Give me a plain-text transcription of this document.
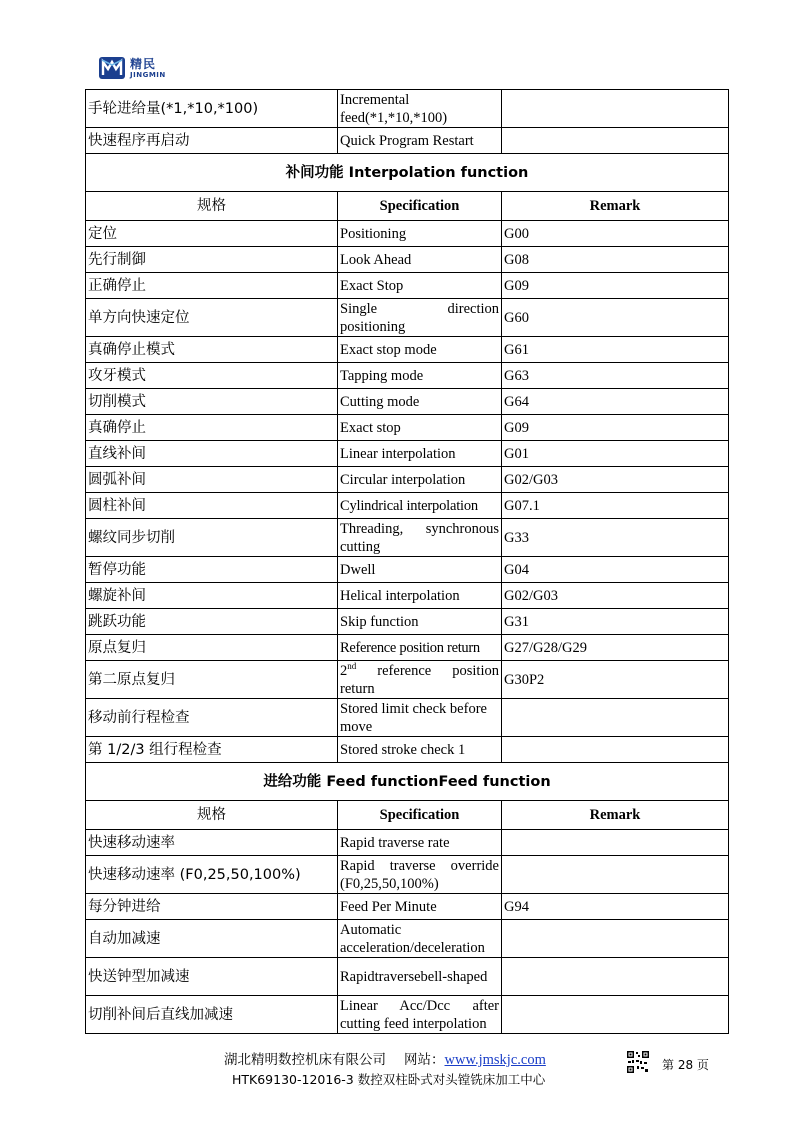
精民
JINGMIN
手轮进给量(*1,*10,*100)	Incremental feed(*1,*10,*100)	
快速程序再启动	Quick Program Restart	
补间功能 Interpolation function		
规格	Specification	Remark
定位	Positioning	G00
先行制御	Look Ahead	G08
正确停止	Exact Stop	G09
单方向快速定位	Single direction positioning	G60
真确停止模式	Exact stop mode	G61
攻牙模式	Tapping mode	G63
切削模式	Cutting mode	G64
真确停止	Exact stop	G09
直线补间	Linear interpolation	G01
圆弧补间	Circular interpolation	G02/G03
圆柱补间	Cylindrical interpolation	G07.1
螺纹同步切削	Threading, synchronous cutting	G33
暂停功能	Dwell	G04
螺旋补间	Helical interpolation	G02/G03
跳跃功能	Skip function	G31
原点复归	Reference position return	G27/G28/G29
第二原点复归	2nd reference position return	G30P2
移动前行程检查	Stored limit check before move	
第 1/2/3 组行程检查	Stored stroke check 1	
进给功能 Feed functionFeed function		
规格	Specification	Remark
快速移动速率	Rapid traverse rate	
快速移动速率 (F0,25,50,100%)	Rapid traverse override (F0,25,50,100%)	
每分钟进给	Feed Per Minute	G94
自动加减速	Automatic acceleration/deceleration	
快送钟型加减速	Rapidtraversebell-shaped	
切削补间后直线加减速	Linear Acc/Dcc after cutting feed interpolation	
湖北精明数控机床有限公司 网站：www.jmskjc.com
HTK69130-12016-3 数控双柱卧式对头镗铣床加工中心
第 28 页
